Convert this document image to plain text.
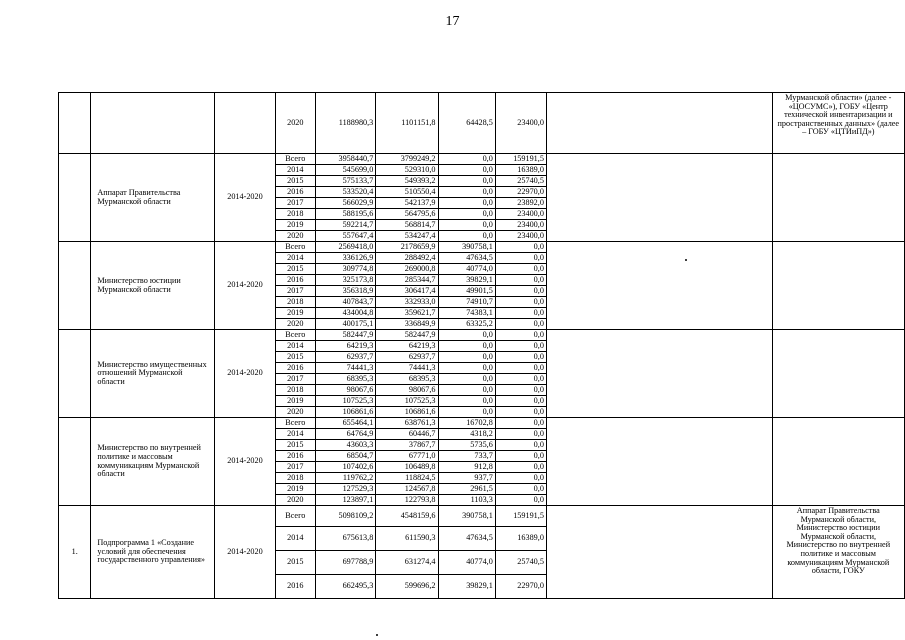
17
			2020	1188980,3	1101151,8	64428,5	23400,0		Мурманской области» (далее - «ЦОСУМС»), ГОБУ «Центр технической инвентаризации и пространственных данных» (далее – ГОБУ «ЦТИиПД»)
	Аппарат Правительства Мурманской области	2014-2020	Всего	3958440,7	3799249,2	0,0	159191,5		
			2014	545699,0	529310,0	0,0	16389,0		
			2015	575133,7	549393,2	0,0	25740,5		
			2016	533520,4	510550,4	0,0	22970,0		
			2017	566029,9	542137,9	0,0	23892,0		
			2018	588195,6	564795,6	0,0	23400,0		
			2019	592214,7	568814,7	0,0	23400,0		
			2020	557647,4	534247,4	0,0	23400,0		
	Министерство юстиции Мурманской области	2014-2020	Всего	2569418,0	2178659,9	390758,1	0,0		
			2014	336126,9	288492,4	47634,5	0,0		
			2015	309774,8	269000,8	40774,0	0,0		
			2016	325173,8	285344,7	39829,1	0,0		
			2017	356318,9	306417,4	49901,5	0,0		
			2018	407843,7	332933,0	74910,7	0,0		
			2019	434004,8	359621,7	74383,1	0,0		
			2020	400175,1	336849,9	63325,2	0,0		
	Министерство имущественных отношений Мурманской области	2014-2020	Всего	582447,9	582447,9	0,0	0,0		
			2014	64219,3	64219,3	0,0	0,0		
			2015	62937,7	62937,7	0,0	0,0		
			2016	74441,3	74441,3	0,0	0,0		
			2017	68395,3	68395,3	0,0	0,0		
			2018	98067,6	98067,6	0,0	0,0		
			2019	107525,3	107525,3	0,0	0,0		
			2020	106861,6	106861,6	0,0	0,0		
	Министерство по внутренней политике и массовым коммуникациям Мурманской области	2014-2020	Всего	655464,1	638761,3	16702,8	0,0		
			2014	64764,9	60446,7	4318,2	0,0		
			2015	43603,3	37867,7	5735,6	0,0		
			2016	68504,7	67771,0	733,7	0,0		
			2017	107402,6	106489,8	912,8	0,0		
			2018	119762,2	118824,5	937,7	0,0		
			2019	127529,3	124567,8	2961,5	0,0		
			2020	123897,1	122793,8	1103,3	0,0		
1.	Подпрограмма 1 «Создание условий для обеспечения государственного управления»	2014-2020	Всего	5098109,2	4548159,6	390758,1	159191,5		Аппарат Правительства Мурманской области, Министерство юстиции Мурманской области, Министерство по внутренней политике и массовым коммуникациям Мурманской области, ГОКУ
			2014	675613,8	611590,3	47634,5	16389,0		
			2015	697788,9	631274,4	40774,0	25740,5		
			2016	662495,3	599696,2	39829,1	22970,0		
